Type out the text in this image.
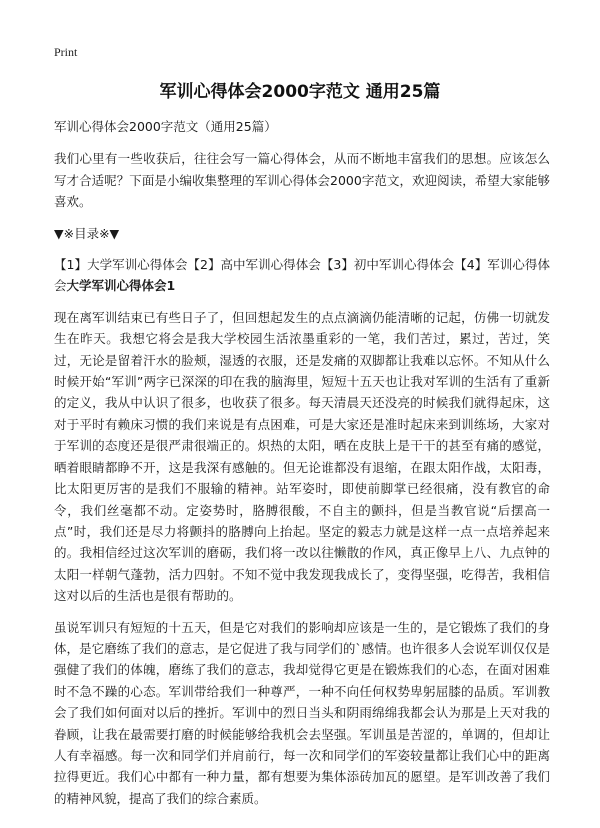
Print
军训心得体会2000字范文 通用25篇

军训心得体会2000字范文（通用25篇）

我们心里有一些收获后，往往会写一篇心得体会，从而不断地丰富我们的思想。应该怎么写才合适呢？下面是小编收集整理的军训心得体会2000字范文，欢迎阅读，希望大家能够喜欢。

▼※目录※▼

【1】大学军训心得体会【2】高中军训心得体会【3】初中军训心得体会【4】军训心得体会大学军训心得体会1

现在离军训结束已有些日子了，但回想起发生的点点滴滴仍能清晰的记起，仿佛一切就发生在昨天。我想它将会是我大学校园生活浓墨重彩的一笔，我们苦过，累过，苦过，笑过，无论是留着汗水的脸颊，湿透的衣服，还是发痛的双脚都让我难以忘怀。不知从什么时候开始“军训”两字已深深的印在我的脑海里，短短十五天也让我对军训的生活有了重新的定义，我从中认识了很多，也收获了很多。每天清晨天还没亮的时候我们就得起床，这对于平时有赖床习惯的我们来说是有点困难，可是大家还是准时起床来到训练场，大家对于军训的态度还是很严肃很端正的。炽热的太阳，晒在皮肤上是干干的甚至有痛的感觉，晒着眼睛都睁不开，这是我深有感触的。但无论谁都没有退缩，在跟太阳作战，太阳毒，比太阳更厉害的是我们不服输的精神。站军姿时，即使前脚掌已经很痛，没有教官的命令，我们丝毫都不动。定姿势时，胳膊很酸，不自主的颤抖，但是当教官说“后摆高一点”时，我们还是尽力将颤抖的胳膊向上抬起。坚定的毅志力就是这样一点一点培养起来的。我相信经过这次军训的磨砺，我们将一改以往懒散的作风，真正像早上八、九点钟的太阳一样朝气蓬勃，活力四射。不知不觉中我发现我成长了，变得坚强，吃得苦，我相信这对以后的生活也是很有帮助的。

虽说军训只有短短的十五天，但是它对我们的影响却应该是一生的，是它锻炼了我们的身体，是它磨练了我们的意志，是它促进了我与同学们的`感情。也许很多人会说军训仅仅是强健了我们的体魄，磨练了我们的意志，我却觉得它更是在锻炼我们的心态，在面对困难时不急不躁的心态。军训带给我们一种尊严，一种不向任何权势卑躬屈膝的品质。军训教会了我们如何面对以后的挫折。军训中的烈日当头和阴雨绵绵我都会认为那是上天对我的眷顾，让我在最需要打磨的时候能够给我机会去坚强。军训虽是苦涩的，单调的，但却让人有幸福感。每一次和同学们并肩前行，每一次和同学们的军姿较量都让我们心中的距离拉得更近。我们心中都有一种力量，都有想要为集体添砖加瓦的愿望。是军训改善了我们的精神风貌，提高了我们的综合素质。
